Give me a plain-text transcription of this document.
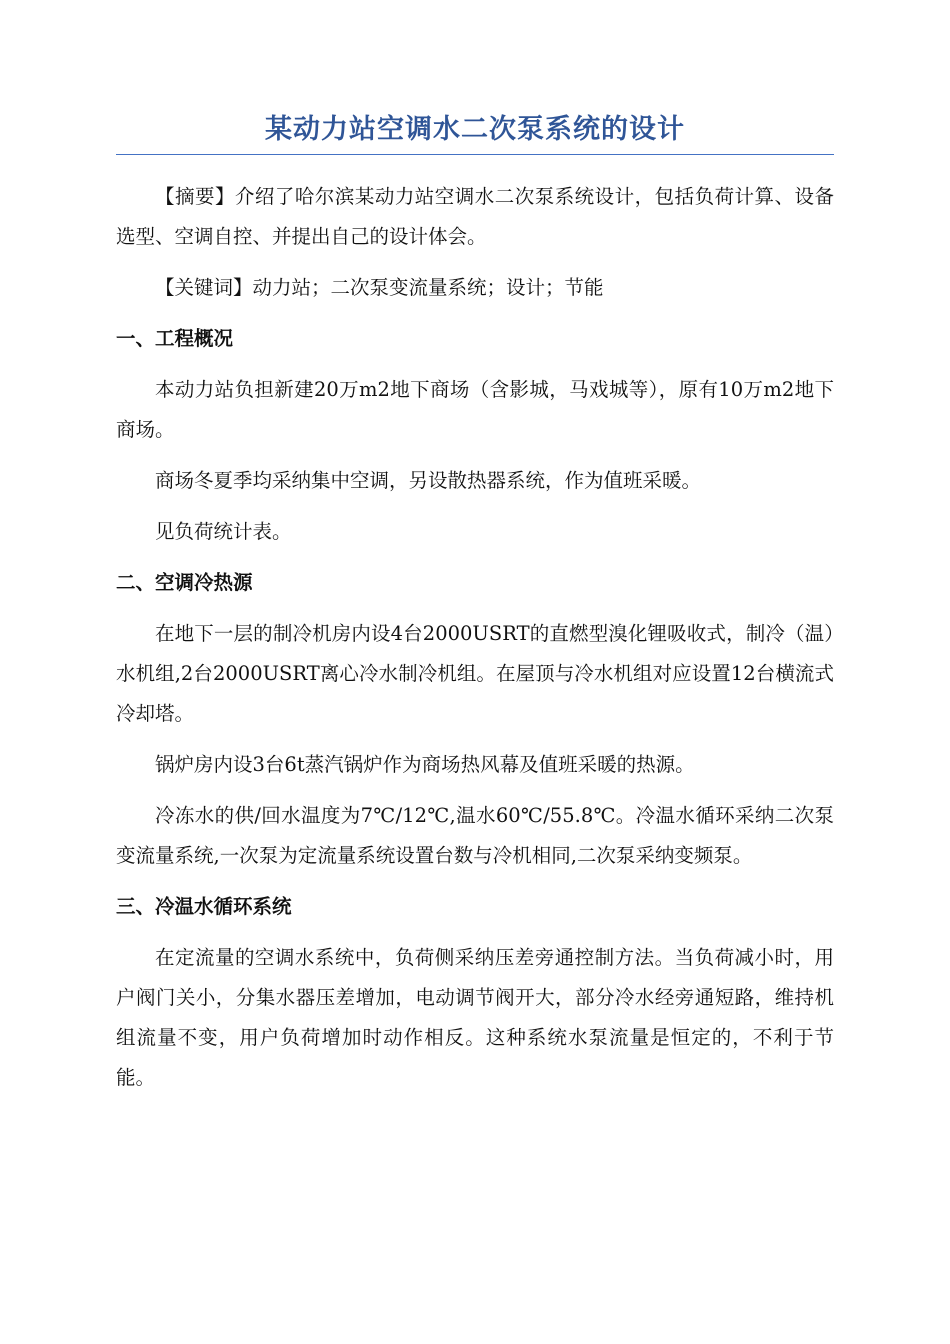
某动力站空调水二次泵系统的设计

【摘要】介绍了哈尔滨某动力站空调水二次泵系统设计，包括负荷计算、设备选型、空调自控、并提出自己的设计体会。

【关键词】动力站；二次泵变流量系统；设计；节能

一、工程概况

本动力站负担新建20万m2地下商场（含影城，马戏城等），原有10万m2地下商场。

商场冬夏季均采纳集中空调，另设散热器系统，作为值班采暖。

见负荷统计表。

二、空调冷热源

在地下一层的制冷机房内设4台2000USRT的直燃型溴化锂吸收式，制冷（温）水机组,2台2000USRT离心冷水制冷机组。在屋顶与冷水机组对应设置12台横流式冷却塔。

锅炉房内设3台6t蒸汽锅炉作为商场热风幕及值班采暖的热源。

冷冻水的供/回水温度为7℃/12℃,温水60℃/55.8℃。冷温水循环采纳二次泵变流量系统,一次泵为定流量系统设置台数与冷机相同,二次泵采纳变频泵。

三、冷温水循环系统

在定流量的空调水系统中，负荷侧采纳压差旁通控制方法。当负荷减小时，用户阀门关小，分集水器压差增加，电动调节阀开大，部分冷水经旁通短路，维持机组流量不变，用户负荷增加时动作相反。这种系统水泵流量是恒定的，不利于节能。
